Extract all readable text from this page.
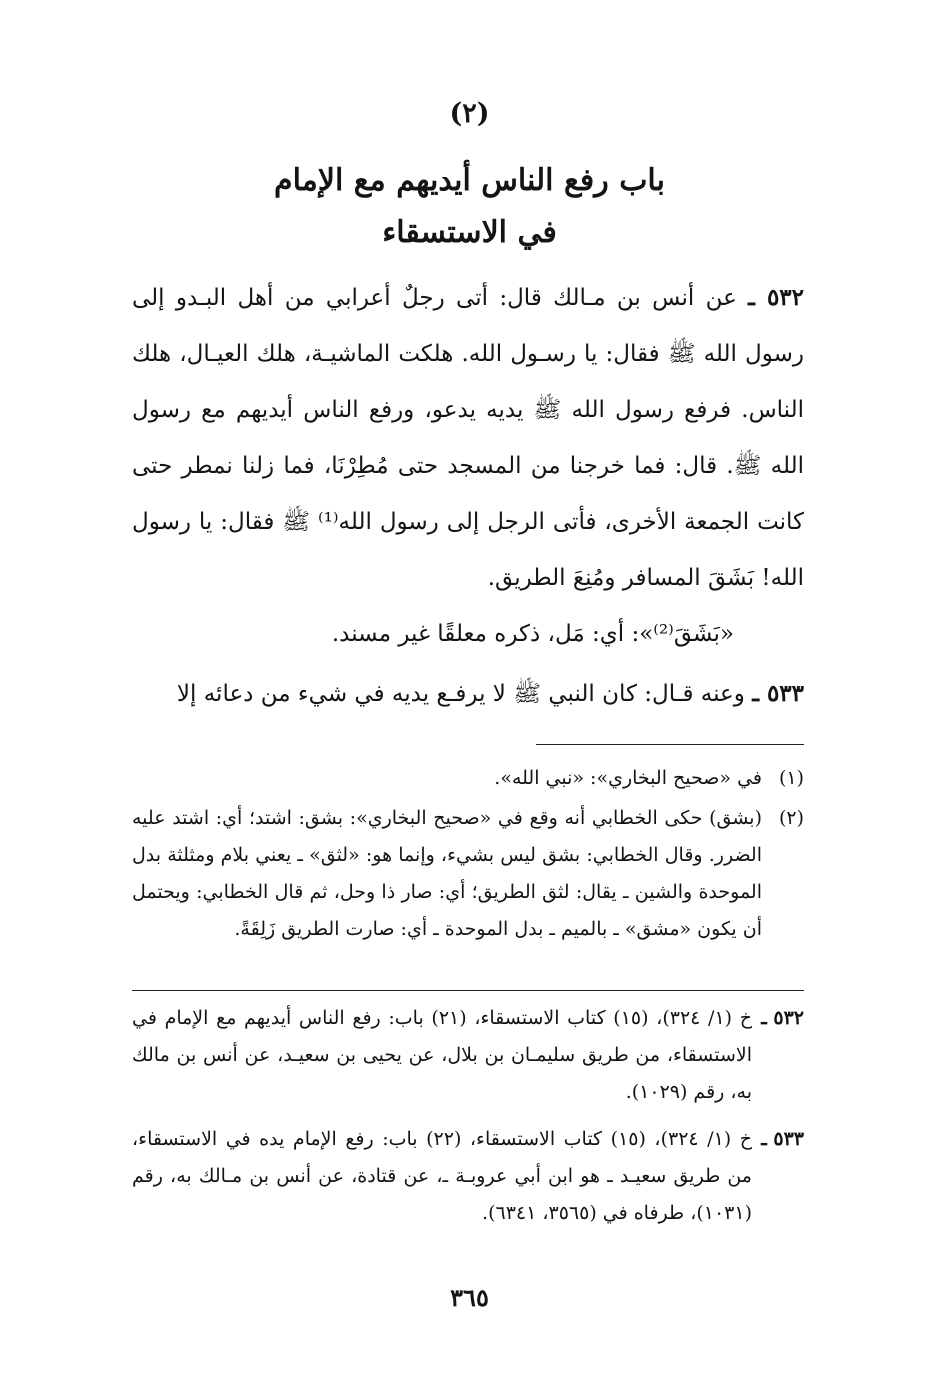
(٢)
باب رفع الناس أيديهم مع الإمام
في الاستسقاء

٥٣٢ ـ عن أنس بن مـالك قال: أتى رجلٌ أعرابي من أهل البـدو إلى رسول الله ﷺ فقال: يا رسـول الله. هلكت الماشيـة، هلك العيـال، هلك الناس. فرفع رسول الله ﷺ يديه يدعو، ورفع الناس أيديهم مع رسول الله ﷺ. قال: فما خرجنا من المسجد حتى مُطِرْنَا، فما زلنا نمطر حتى كانت الجمعة الأخرى، فأتى الرجل إلى رسول الله⁽¹⁾ ﷺ فقال: يا رسول الله! بَشَقَ المسافر ومُنِعَ الطريق.

«بَشَقَ⁽²⁾»: أي: مَل، ذكره معلقًا غير مسند.

٥٣٣ ـ وعنه قـال: كان النبي ﷺ لا يرفـع يديه في شيء من دعائه إلا

(١)
في «صحيح البخاري»: «نبي الله».
(٢)
(بشق) حكى الخطابي أنه وقع في «صحيح البخاري»: بشق: اشتد؛ أي: اشتد عليه الضرر. وقال الخطابي: بشق ليس بشيء، وإنما هو: «لثق» ـ يعني بلام ومثلثة بدل الموحدة والشين ـ يقال: لثق الطريق؛ أي: صار ذا وحل، ثم قال الخطابي: ويحتمل أن يكون «مشق» ـ بالميم ـ بدل الموحدة ـ أي: صارت الطريق زَلِقَةً.
٥٣٢ ـ
خ (١/ ٣٢٤)، (١٥) كتاب الاستسقاء، (٢١) باب: رفع الناس أيديهم مع الإمام في الاستسقاء، من طريق سليمـان بن بلال، عن يحيى بن سعيـد، عن أنس بن مالك به، رقم (١٠٢٩).
٥٣٣ ـ
خ (١/ ٣٢٤)، (١٥) كتاب الاستسقاء، (٢٢) باب: رفع الإمام يده في الاستسقاء، من طريق سعيـد ـ هو ابن أبي عروبـة ـ، عن قتادة، عن أنس بن مـالك به، رقم (١٠٣١)، طرفاه في (٣٥٦٥، ٦٣٤١).
٣٦٥
